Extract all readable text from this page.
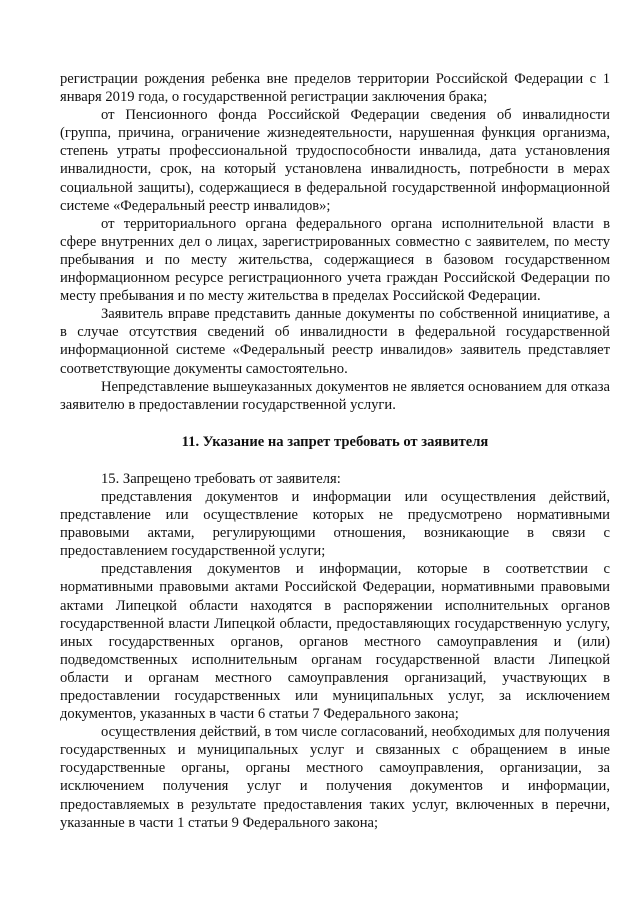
регистрации рождения ребенка вне пределов территории Российской Федерации с 1 января 2019 года, о государственной регистрации заключения брака;

от Пенсионного фонда Российской Федерации сведения об инвалидности (группа, причина, ограничение жизнедеятельности, нарушенная функция организма, степень утраты профессиональной трудоспособности инвалида, дата установления инвалидности, срок, на который установлена инвалидность, потребности в мерах социальной защиты), содержащиеся в федеральной государственной информационной системе «Федеральный реестр инвалидов»;

от территориального органа федерального органа исполнительной власти в сфере внутренних дел о лицах, зарегистрированных совместно с заявителем, по месту пребывания и по месту жительства, содержащиеся в базовом государственном информационном ресурсе регистрационного учета граждан Российской Федерации по месту пребывания и по месту жительства в пределах Российской Федерации.

Заявитель вправе представить данные документы по собственной инициативе, а в случае отсутствия сведений об инвалидности в федеральной государственной информационной системе «Федеральный реестр инвалидов» заявитель представляет соответствующие документы самостоятельно.

Непредставление вышеуказанных документов не является основанием для отказа заявителю в предоставлении государственной услуги.

11. Указание на запрет требовать от заявителя

15. Запрещено требовать от заявителя:

представления документов и информации или осуществления действий, представление или осуществление которых не предусмотрено нормативными правовыми актами, регулирующими отношения, возникающие в связи с предоставлением государственной услуги;

представления документов и информации, которые в соответствии с нормативными правовыми актами Российской Федерации, нормативными правовыми актами Липецкой области находятся в распоряжении исполнительных органов государственной власти Липецкой области, предоставляющих государственную услугу, иных государственных органов, органов местного самоуправления и (или) подведомственных исполнительным органам государственной власти Липецкой области и органам местного самоуправления организаций, участвующих в предоставлении государственных или муниципальных услуг, за исключением документов, указанных в части 6 статьи 7 Федерального закона;

осуществления действий, в том числе согласований, необходимых для получения государственных и муниципальных услуг и связанных с обращением в иные государственные органы, органы местного самоуправления, организации, за исключением получения услуг и получения документов и информации, предоставляемых в результате предоставления таких услуг, включенных в перечни, указанные в части 1 статьи 9 Федерального закона;
